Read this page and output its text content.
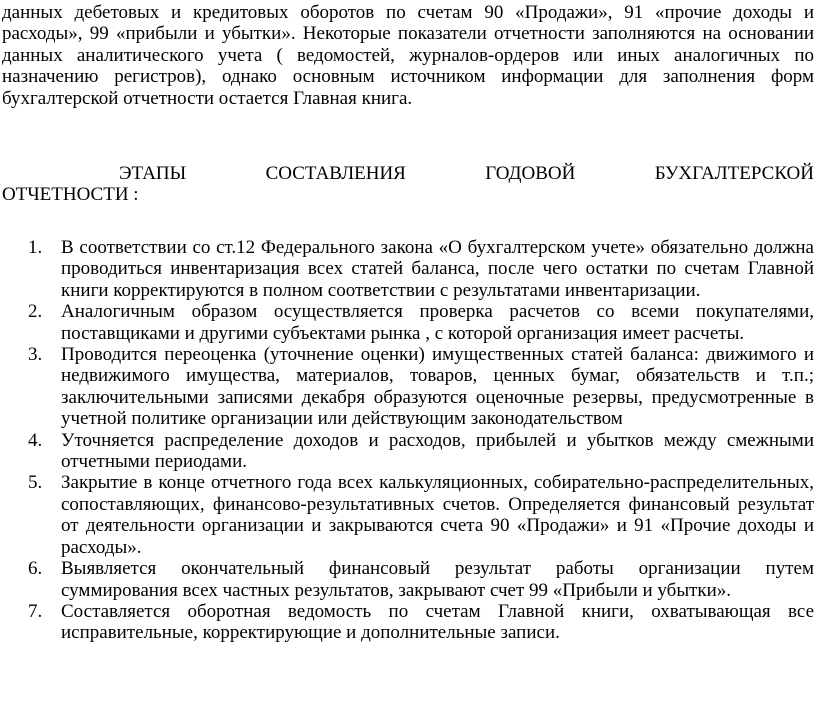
данных дебетовых и кредитовых оборотов по счетам 90 «Продажи», 91 «прочие доходы и расходы», 99 «прибыли и убытки». Некоторые показатели отчетности заполняются на основании данных аналитического учета ( ведомостей, журналов-ордеров или иных аналогичных по назначению регистров), однако основным источником информации для заполнения форм бухгалтерской отчетности остается Главная книга.

ЭТАПЫ СОСТАВЛЕНИЯ ГОДОВОЙ БУХГАЛТЕРСКОЙ
ОТЧЕТНОСТИ :
1. В соответствии со ст.12 Федерального закона «О бухгалтерском учете» обязательно должна проводиться инвентаризация всех статей баланса, после чего остатки по счетам Главной книги корректируются в полном соответствии с результатами инвентаризации.
2. Аналогичным образом осуществляется проверка расчетов со всеми покупателями, поставщиками и другими субъектами рынка , с которой организация имеет расчеты.
3. Проводится переоценка (уточнение оценки) имущественных статей баланса: движимого и недвижимого имущества, материалов, товаров, ценных бумаг, обязательств и т.п.; заключительными записями декабря образуются оценочные резервы, предусмотренные в учетной политике организации или действующим законодательством
4. Уточняется распределение доходов и расходов, прибылей и убытков между смежными отчетными периодами.
5. Закрытие в конце отчетного года всех калькуляционных, собирательно-распределительных, сопоставляющих, финансово-результативных счетов. Определяется финансовый результат от деятельности организации и закрываются счета 90 «Продажи» и 91 «Прочие доходы и расходы».
6. Выявляется окончательный финансовый результат работы организации путем суммирования всех частных результатов, закрывают счет 99 «Прибыли и убытки».
7. Составляется оборотная ведомость по счетам Главной книги, охватывающая все исправительные, корректирующие и дополнительные записи.
